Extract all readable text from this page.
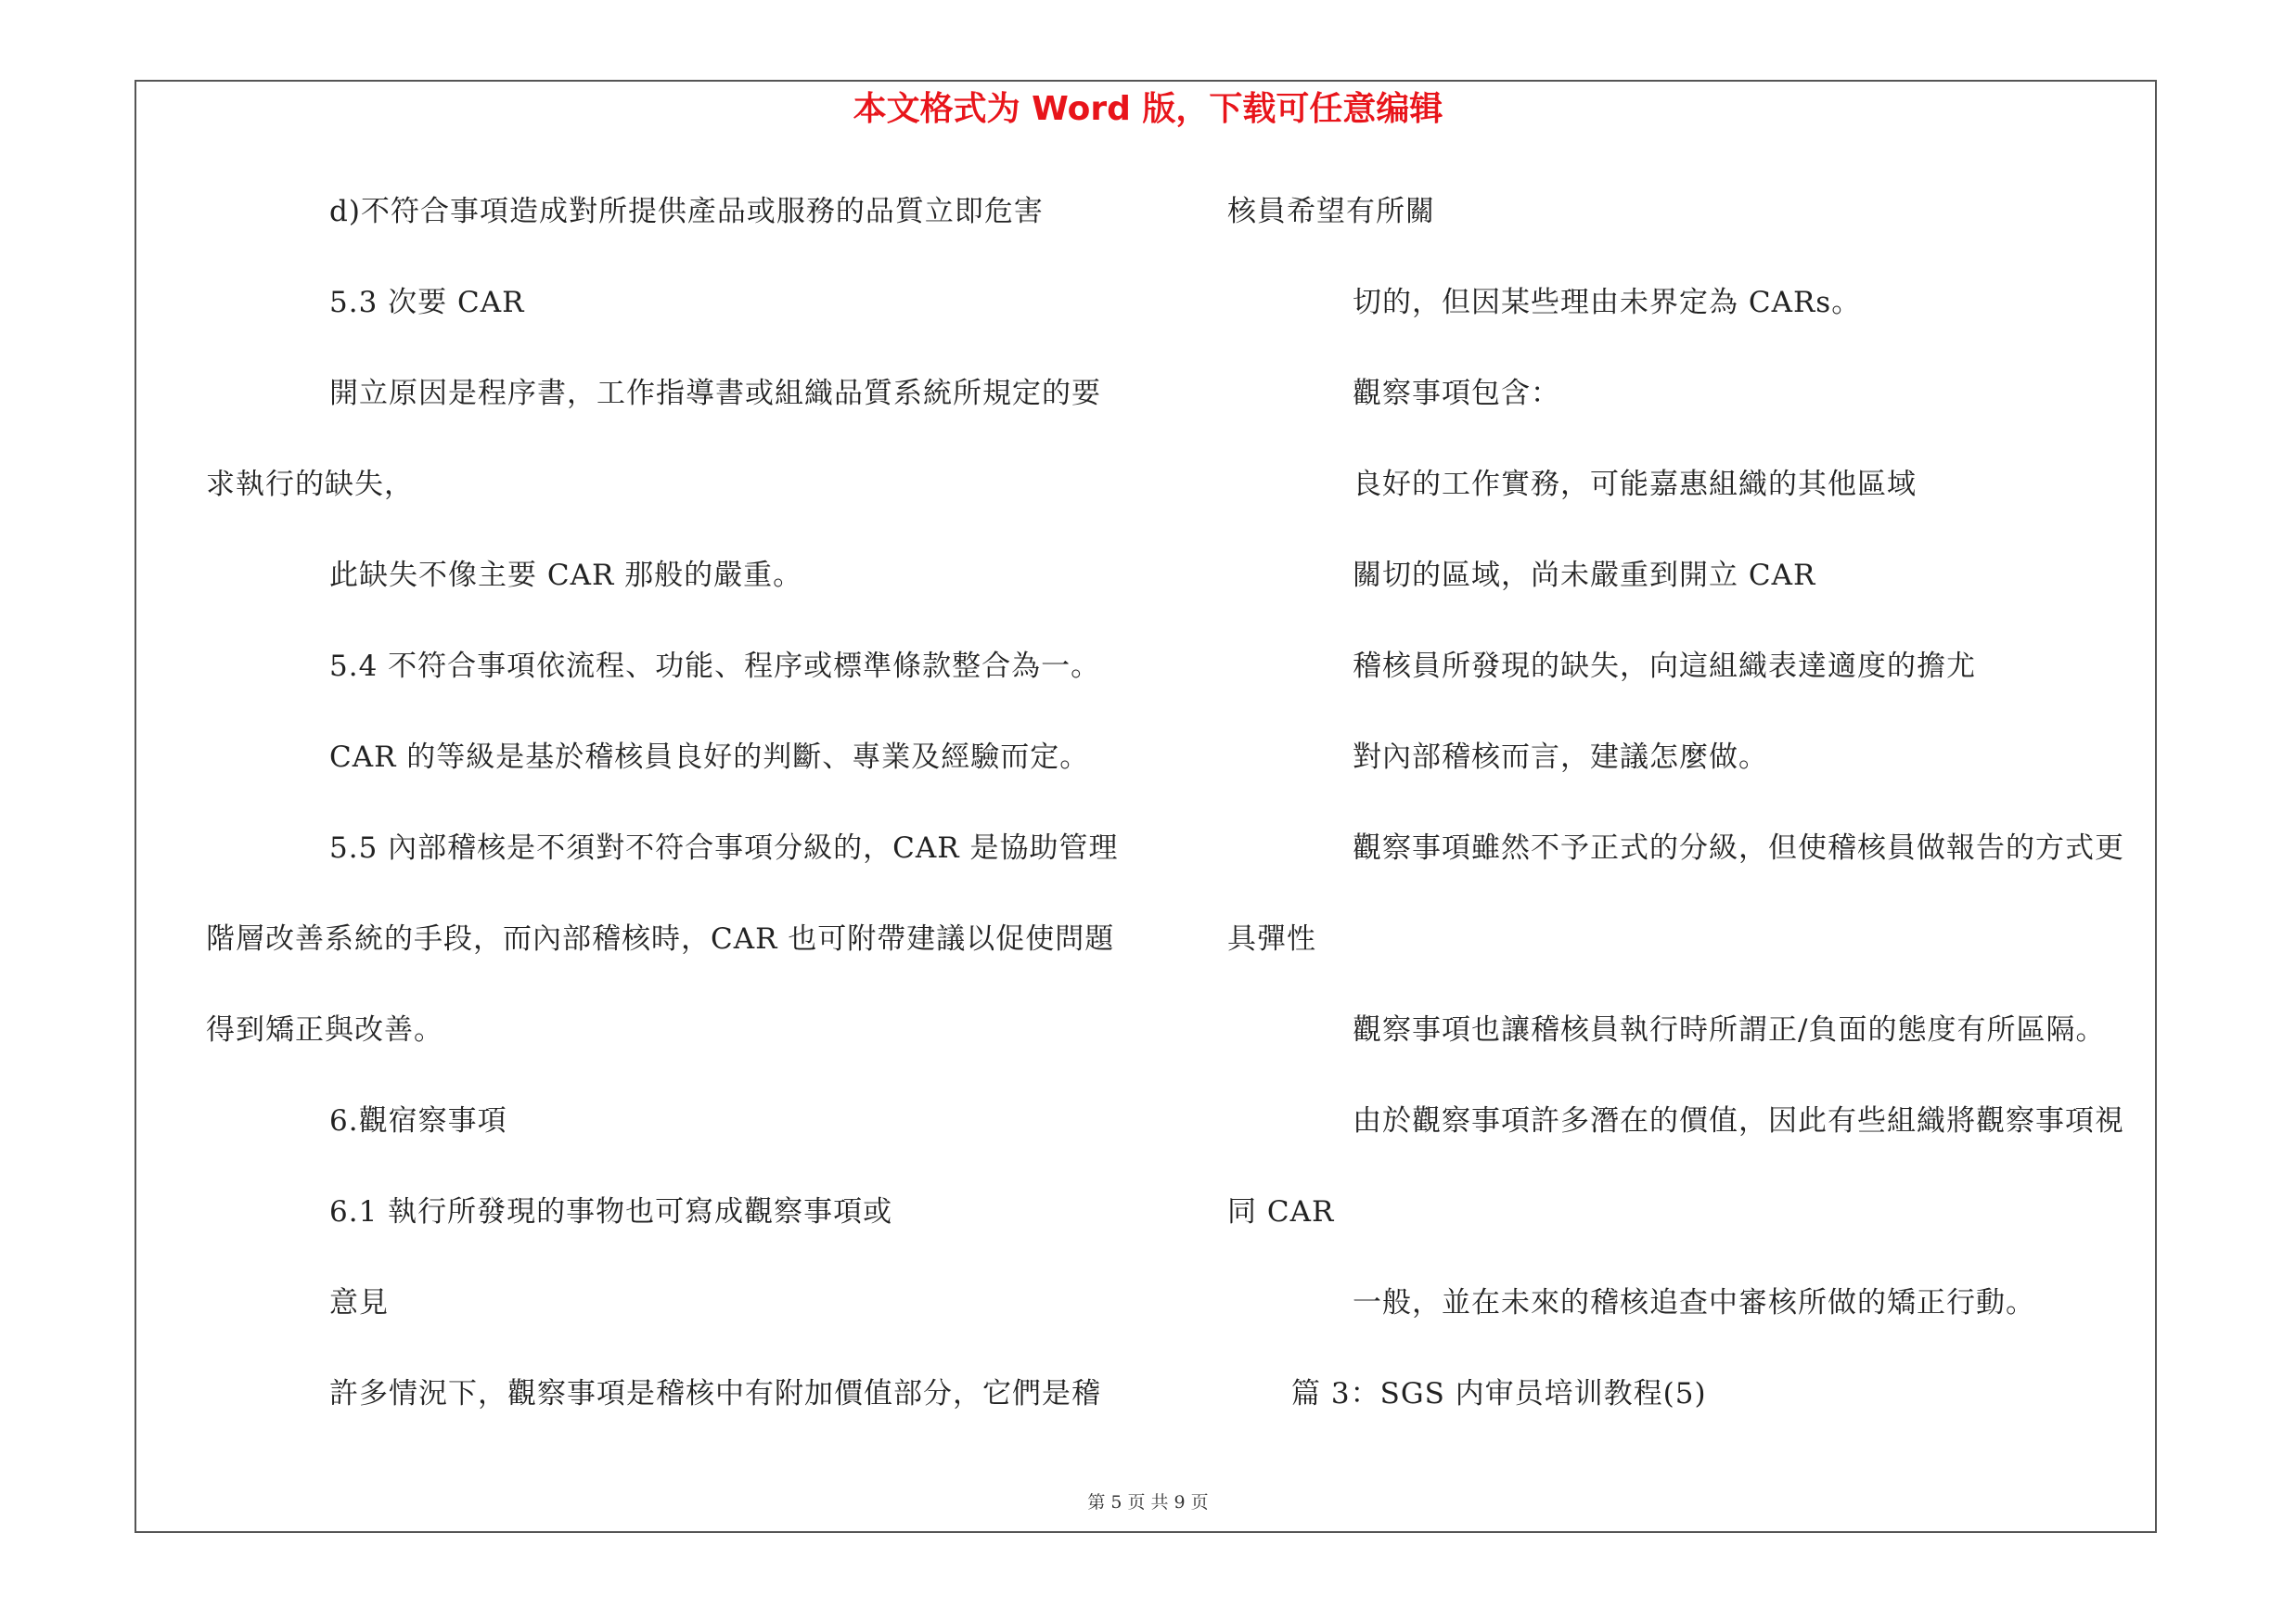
本文格式为 Word 版，下载可任意编辑
d)不符合事項造成對所提供產品或服務的品質立即危害
5.3 次要 CAR
開立原因是程序書，工作指導書或組織品質系統所規定的要
求執行的缺失，
此缺失不像主要 CAR 那般的嚴重。
5.4 不符合事項依流程、功能、程序或標準條款整合為一。
CAR 的等級是基於稽核員良好的判斷、專業及經驗而定。
5.5 內部稽核是不須對不符合事項分級的，CAR 是協助管理
階層改善系統的手段，而內部稽核時，CAR 也可附帶建議以促使問題
得到矯正與改善。
6.觀宿察事項
6.1 執行所發現的事物也可寫成觀察事項或
意見
許多情況下，觀察事項是稽核中有附加價值部分，它們是稽
核員希望有所關
切的，但因某些理由未界定為 CARs。
觀察事項包含：
良好的工作實務，可能嘉惠組織的其他區域
關切的區域，尚未嚴重到開立 CAR
稽核員所發現的缺失，向這組織表達適度的擔尤
對內部稽核而言，建議怎麼做。
觀察事項雖然不予正式的分級，但使稽核員做報告的方式更
具彈性
觀察事項也讓稽核員執行時所謂正/負面的態度有所區隔。
由於觀察事項許多潛在的價值，因此有些組織將觀察事項視
同 CAR
一般，並在未來的稽核追查中審核所做的矯正行動。
篇 3：SGS 内审员培训教程(5)
第 5 页 共 9 页
